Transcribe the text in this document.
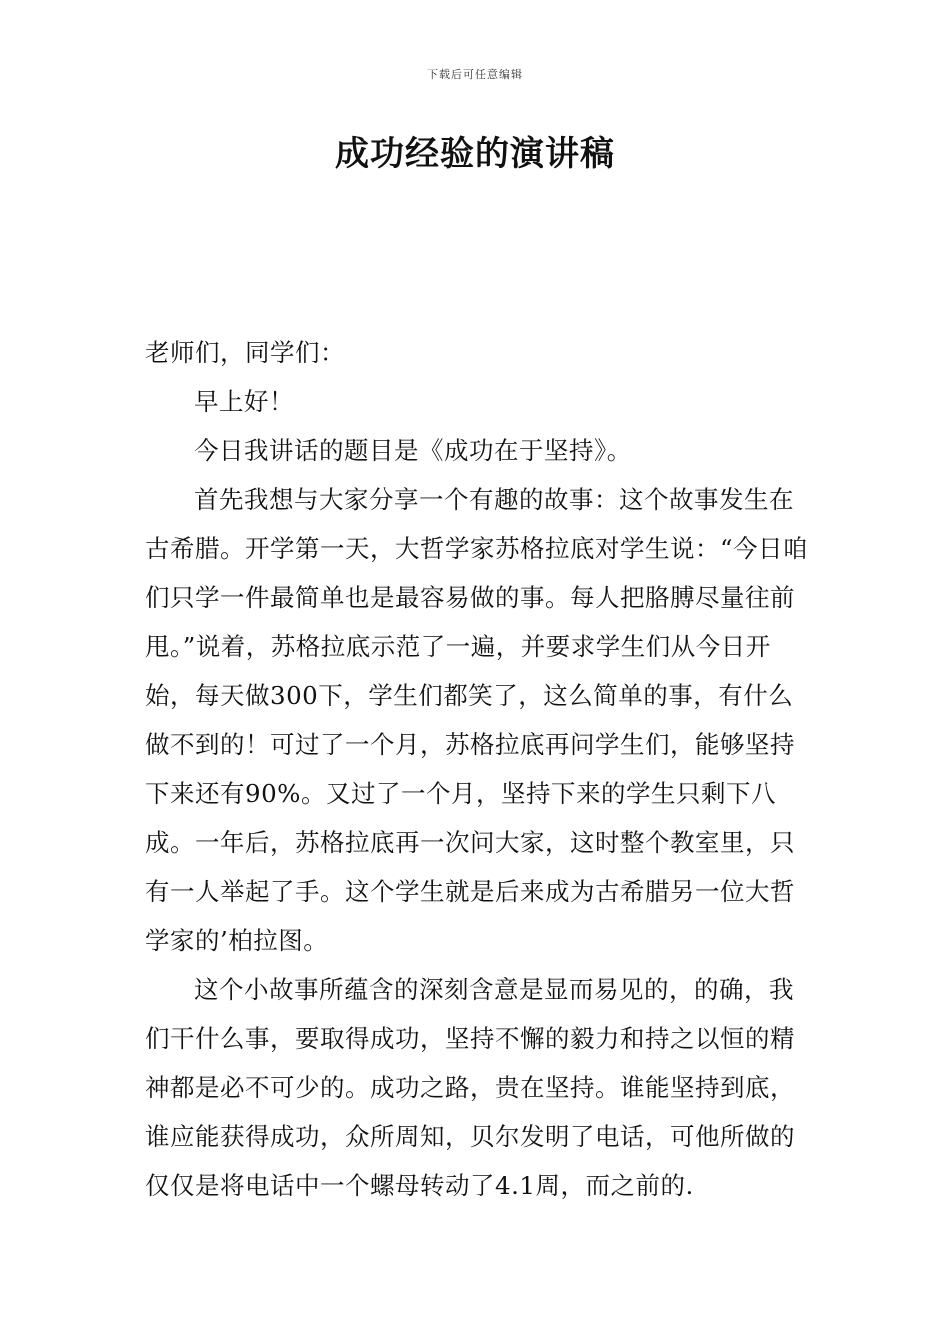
下载后可任意编辑
成功经验的演讲稿

老师们，同学们：

早上好！

今日我讲话的题目是《成功在于坚持》。

首先我想与大家分享一个有趣的故事：这个故事发生在古希腊。开学第一天，大哲学家苏格拉底对学生说：“今日咱们只学一件最简单也是最容易做的事。每人把胳膊尽量往前甩。”说着，苏格拉底示范了一遍，并要求学生们从今日开始，每天做300下，学生们都笑了，这么简单的事，有什么做不到的！可过了一个月，苏格拉底再问学生们，能够坚持下来还有90%。又过了一个月，坚持下来的学生只剩下八成。一年后，苏格拉底再一次问大家，这时整个教室里，只有一人举起了手。这个学生就是后来成为古希腊另一位大哲学家的’柏拉图。

这个小故事所蕴含的深刻含意是显而易见的，的确，我们干什么事，要取得成功，坚持不懈的毅力和持之以恒的精神都是必不可少的。成功之路，贵在坚持。谁能坚持到底，谁应能获得成功，众所周知，贝尔发明了电话，可他所做的仅仅是将电话中一个螺母转动了4.1周，而之前的.
